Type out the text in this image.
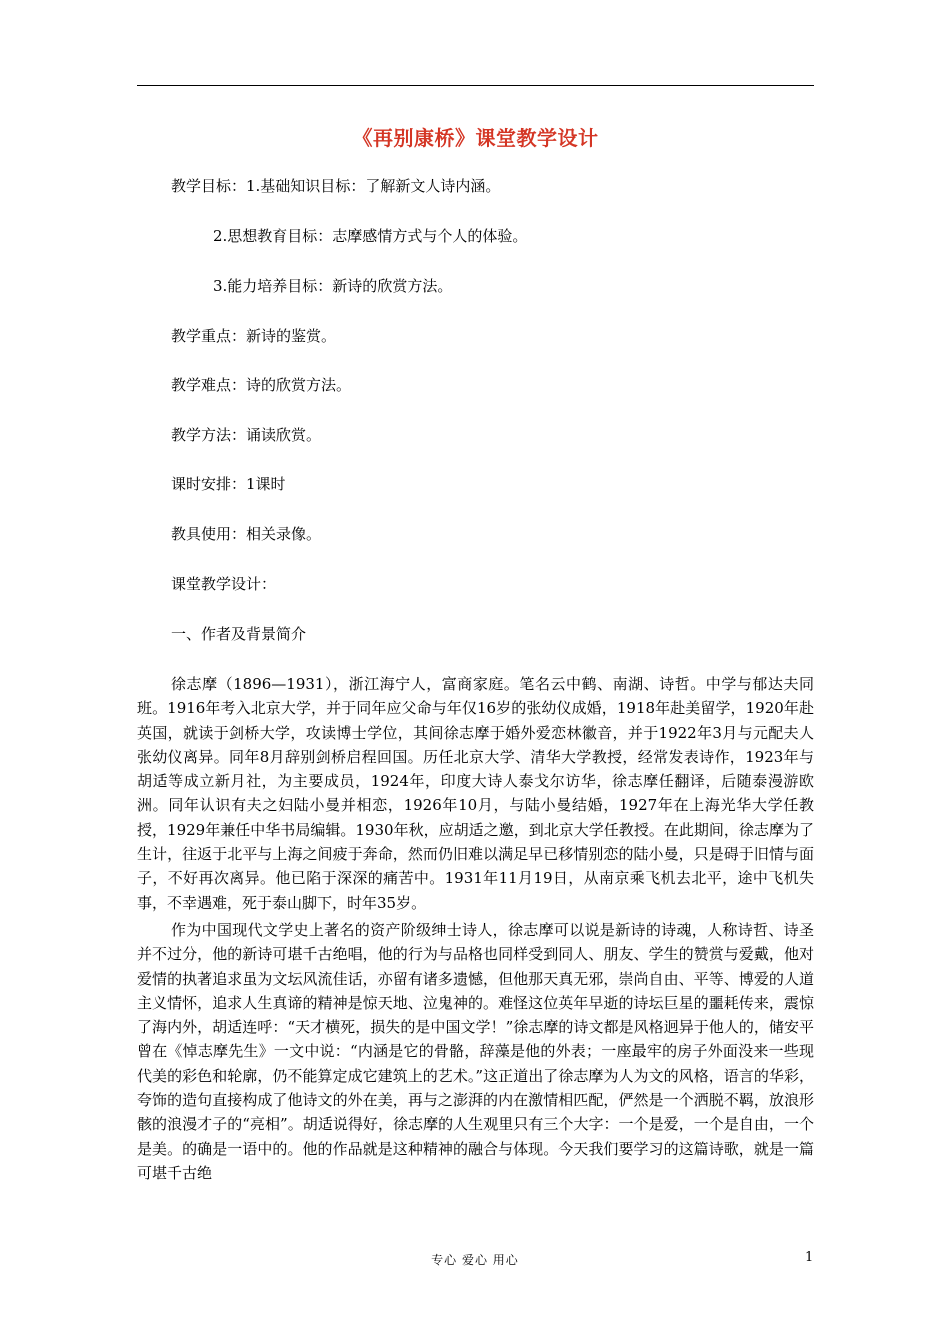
《再别康桥》课堂教学设计
教学目标：1.基础知识目标：了解新文人诗内涵。
2.思想教育目标：志摩感情方式与个人的体验。
3.能力培养目标：新诗的欣赏方法。
教学重点：新诗的鉴赏。
教学难点：诗的欣赏方法。
教学方法：诵读欣赏。
课时安排：1课时
教具使用：相关录像。
课堂教学设计：
一、作者及背景简介
徐志摩（1896—1931），浙江海宁人，富商家庭。笔名云中鹤、南湖、诗哲。中学与郁达夫同班。1916年考入北京大学，并于同年应父命与年仅16岁的张幼仪成婚，1918年赴美留学，1920年赴英国，就读于剑桥大学，攻读博士学位，其间徐志摩于婚外爱恋林徽音，并于1922年3月与元配夫人张幼仪离异。同年8月辞别剑桥启程回国。历任北京大学、清华大学教授，经常发表诗作，1923年与胡适等成立新月社，为主要成员，1924年，印度大诗人泰戈尔访华，徐志摩任翻译，后随泰漫游欧洲。同年认识有夫之妇陆小曼并相恋，1926年10月，与陆小曼结婚，1927年在上海光华大学任教授，1929年兼任中华书局编辑。1930年秋，应胡适之邀，到北京大学任教授。在此期间，徐志摩为了生计，往返于北平与上海之间疲于奔命，然而仍旧难以满足早已移情别恋的陆小曼，只是碍于旧情与面子，不好再次离异。他已陷于深深的痛苦中。1931年11月19日，从南京乘飞机去北平，途中飞机失事，不幸遇难，死于泰山脚下，时年35岁。
作为中国现代文学史上著名的资产阶级绅士诗人，徐志摩可以说是新诗的诗魂，人称诗哲、诗圣并不过分，他的新诗可堪千古绝唱，他的行为与品格也同样受到同人、朋友、学生的赞赏与爱戴，他对爱情的执著追求虽为文坛风流佳话，亦留有诸多遗憾，但他那天真无邪，崇尚自由、平等、博爱的人道主义情怀，追求人生真谛的精神是惊天地、泣鬼神的。难怪这位英年早逝的诗坛巨星的噩耗传来，震惊了海内外，胡适连呼：“天才横死，损失的是中国文学！”徐志摩的诗文都是风格迥异于他人的，储安平曾在《悼志摩先生》一文中说：“内涵是它的骨骼，辞藻是他的外表；一座最牢的房子外面没来一些现代美的彩色和轮廓，仍不能算定成它建筑上的艺术。”这正道出了徐志摩为人为文的风格，语言的华彩，夸饰的造句直接构成了他诗文的外在美，再与之澎湃的内在激情相匹配，俨然是一个洒脱不羁，放浪形骸的浪漫才子的“亮相”。胡适说得好，徐志摩的人生观里只有三个大字：一个是爱，一个是自由，一个是美。的确是一语中的。他的作品就是这种精神的融合与体现。今天我们要学习的这篇诗歌，就是一篇可堪千古绝
专心 爱心 用心	1
